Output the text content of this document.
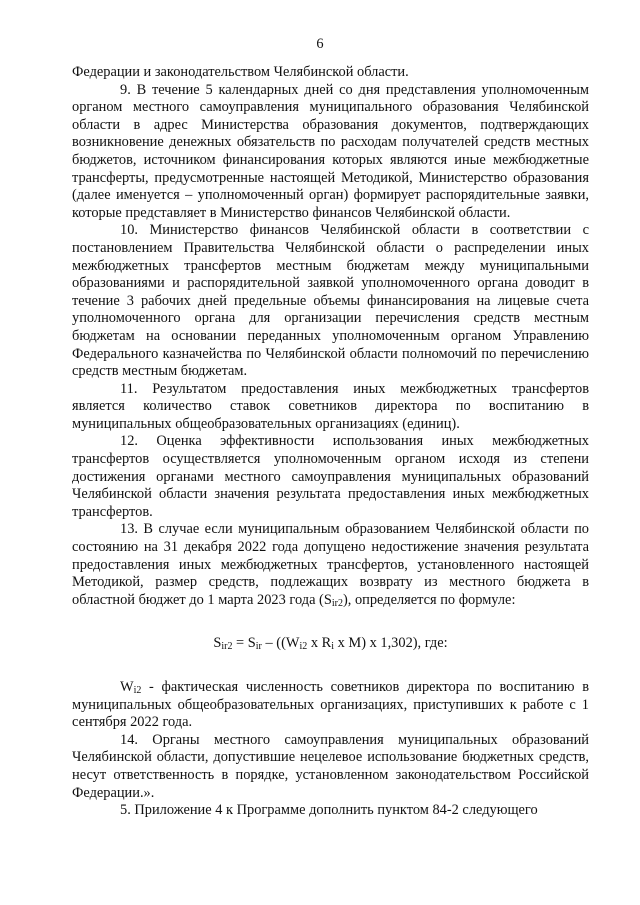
6

Федерации и законодательством Челябинской области.

9. В течение 5 календарных дней со дня представления уполномоченным органом местного самоуправления муниципального образования Челябинской области в адрес Министерства образования документов, подтверждающих возникновение денежных обязательств по расходам получателей средств местных бюджетов, источником финансирования которых являются иные межбюджетные трансферты, предусмотренные настоящей Методикой, Министерство образования (далее именуется – уполномоченный орган) формирует распорядительные заявки, которые представляет в Министерство финансов Челябинской области.

10. Министерство финансов Челябинской области в соответствии с постановлением Правительства Челябинской области о распределении иных межбюджетных трансфертов местным бюджетам между муниципальными образованиями и распорядительной заявкой уполномоченного органа доводит в течение 3 рабочих дней предельные объемы финансирования на лицевые счета уполномоченного органа для организации перечисления средств местным бюджетам на основании переданных уполномоченным органом Управлению Федерального казначейства по Челябинской области полномочий по перечислению средств местным бюджетам.

11. Результатом предоставления иных межбюджетных трансфертов является количество ставок советников директора по воспитанию в муниципальных общеобразовательных организациях (единиц).

12. Оценка эффективности использования иных межбюджетных трансфертов осуществляется уполномоченным органом исходя из степени достижения органами местного самоуправления муниципальных образований Челябинской области значения результата предоставления иных межбюджетных трансфертов.

13. В случае если муниципальным образованием Челябинской области по состоянию на 31 декабря 2022 года допущено недостижение значения результата предоставления иных межбюджетных трансфертов, установленного настоящей Методикой, размер средств, подлежащих возврату из местного бюджета в областной бюджет до 1 марта 2023 года $(S_{ir2})$, определяется по формуле:

$S_{ir2} = S_{ir} - ((W_{i2}$ x $R_i$ x M) x 1,302), где:

$W_{i2}$ - фактическая численность советников директора по воспитанию в муниципальных общеобразовательных организациях, приступивших к работе с 1 сентября 2022 года.

14. Органы местного самоуправления муниципальных образований Челябинской области, допустившие нецелевое использование бюджетных средств, несут ответственность в порядке, установленном законодательством Российской Федерации.».

5. Приложение 4 к Программе дополнить пунктом 84-2 следующего
